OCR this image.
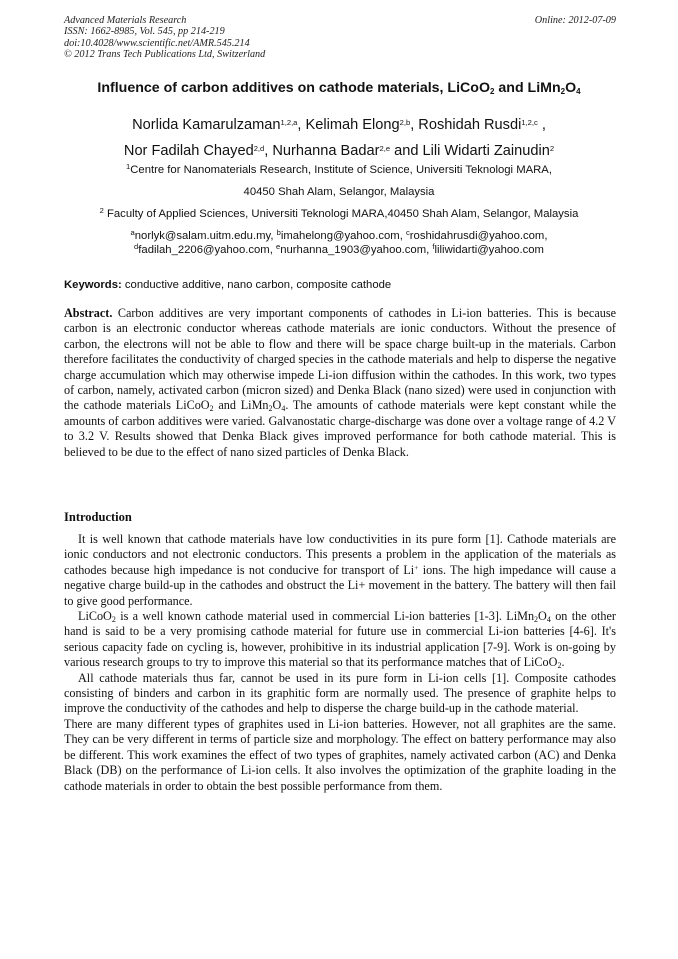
Advanced Materials Research
ISSN: 1662-8985, Vol. 545, pp 214-219
doi:10.4028/www.scientific.net/AMR.545.214
© 2012 Trans Tech Publications Ltd, Switzerland
Online: 2012-07-09
Influence of carbon additives on cathode materials, LiCoO$_2$ and $LiMn_2O_4$
Norlida Kamarulzaman$^{1,2,a}$, Kelimah Elong$^{2,b}$, Roshidah Rusdi$^{1,2,c}$ ,
Nor Fadilah Chayed$^{2,d}$, Nurhanna Badar$^{2,e}$ and Lili Widarti Zainudin$^2$
$^1$Centre for Nanomaterials Research, Institute of Science, Universiti Teknologi MARA,
40450 Shah Alam, Selangor, Malaysia
$^2$ Faculty of Applied Sciences, Universiti Teknologi MARA,40450 Shah Alam, Selangor, Malaysia
$^a$norlyk@salam.uitm.edu.my, $^b$imahelong@yahoo.com, $^c$roshidahrusdi@yahoo.com,
$^d$fadilah_2206@yahoo.com, $^e$nurhanna_1903@yahoo.com, $^f$liliwidarti@yahoo.com
Keywords: conductive additive, nano carbon, composite cathode

Abstract. Carbon additives are very important components of cathodes in Li-ion batteries. This is because carbon is an electronic conductor whereas cathode materials are ionic conductors. Without the presence of carbon, the electrons will not be able to flow and there will be space charge built-up in the materials. Carbon therefore facilitates the conductivity of charged species in the cathode materials and help to disperse the negative charge accumulation which may otherwise impede Li-ion diffusion within the cathodes. In this work, two types of carbon, namely, activated carbon (micron sized) and Denka Black (nano sized) were used in conjunction with the cathode materials LiCoO$_2$ and $LiMn_2O_4$. The amounts of cathode materials were kept constant while the amounts of carbon additives were varied. Galvanostatic charge-discharge was done over a voltage range of 4.2 V to 3.2 V. Results showed that Denka Black gives improved performance for both cathode material. This is believed to be due to the effect of nano sized particles of Denka Black.

Introduction

It is well known that cathode materials have low conductivities in its pure form [1]. Cathode materials are ionic conductors and not electronic conductors. This presents a problem in the application of the materials as cathodes because high impedance is not conducive for transport of Li+ ions. The high impedance will cause a negative charge build-up in the cathodes and obstruct the Li+ movement in the battery. The battery will then fail to give good performance.

LiCoO$_2$ is a well known cathode material used in commercial Li-ion batteries [1-3]. $LiMn_2O_4$ on the other hand is said to be a very promising cathode material for future use in commercial Li-ion batteries [4-6]. It's serious capacity fade on cycling is, however, prohibitive in its industrial application [7-9]. Work is on-going by various research groups to try to improve this material so that its performance matches that of LiCoO$_2$.

All cathode materials thus far, cannot be used in its pure form in Li-ion cells [1]. Composite cathodes consisting of binders and carbon in its graphitic form are normally used. The presence of graphite helps to improve the conductivity of the cathodes and help to disperse the charge build-up in the cathode material.

There are many different types of graphites used in Li-ion batteries. However, not all graphites are the same. They can be very different in terms of particle size and morphology. The effect on battery performance may also be different. This work examines the effect of two types of graphites, namely activated carbon (AC) and Denka Black (DB) on the performance of Li-ion cells. It also involves the optimization of the graphite loading in the cathode materials in order to obtain the best possible performance from them.
